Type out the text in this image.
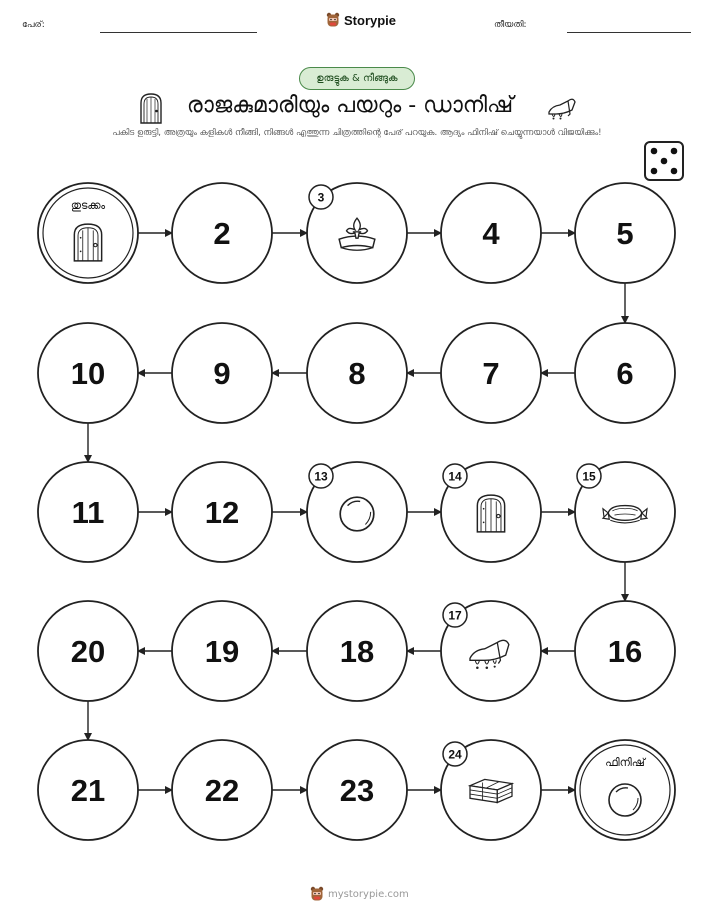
പേര്:	Storypie	തീയതി:
ഉരുട്ടുക & നീങ്ങുക
രാജകുമാരിയും പയറും - ഡാനിഷ്
പകിട ഉരുട്ടി, അത്രയും കളികൾ നീങ്ങി, നിങ്ങൾ എത്തുന്ന ചിത്രത്തിന്റെ പേര് പറയുക. ആദ്യം ഫിനിഷ് ചെയ്യുന്നയാൾ വിജയിക്കും!
തുടക്കം
2
3
4	5
6
7
8
9
10
11	12
13	14	15
16
17
18
19
20
21	22	23
24
ഫിനിഷ്
mystorypie.com
